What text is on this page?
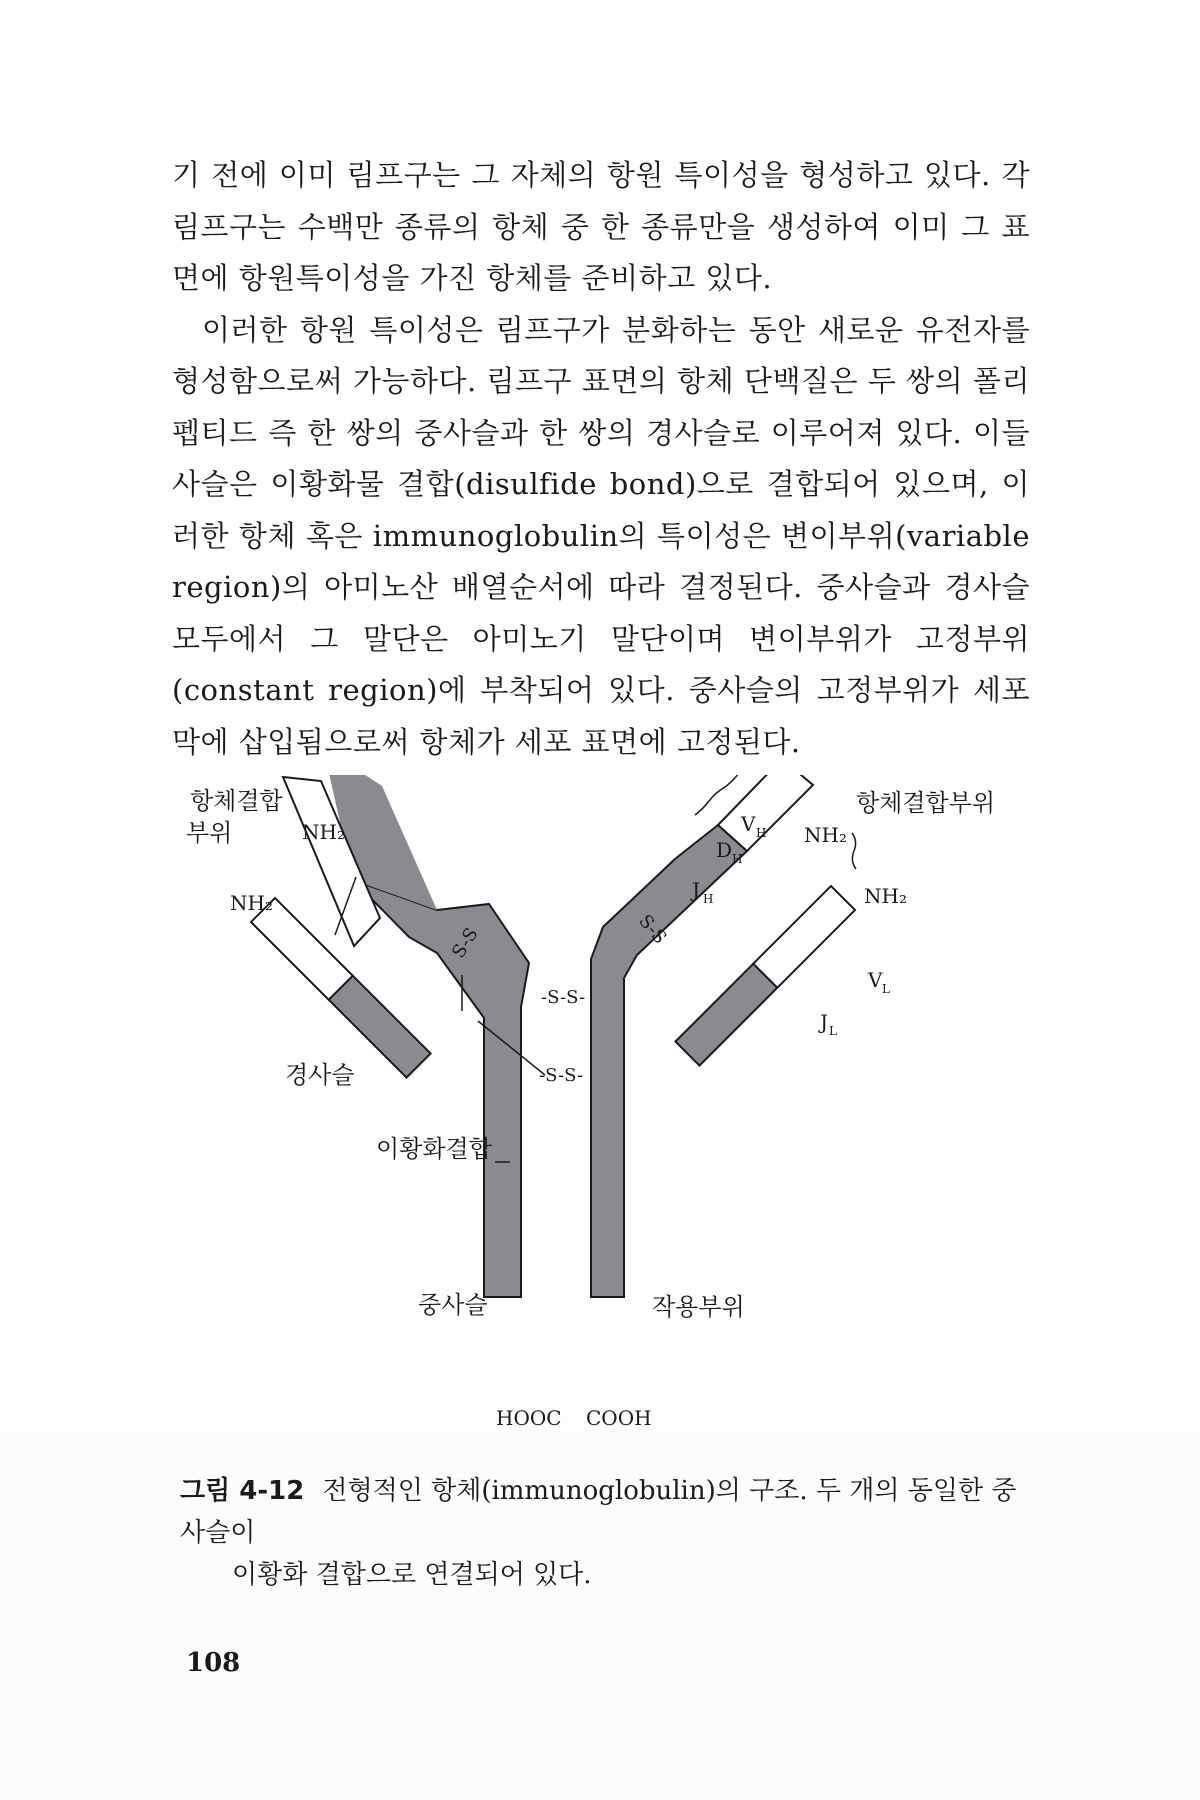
기 전에 이미 림프구는 그 자체의 항원 특이성을 형성하고 있다. 각 림프구는 수백만 종류의 항체 중 한 종류만을 생성하여 이미 그 표면에 항원특이성을 가진 항체를 준비하고 있다.

이러한 항원 특이성은 림프구가 분화하는 동안 새로운 유전자를 형성함으로써 가능하다. 림프구 표면의 항체 단백질은 두 쌍의 폴리펩티드 즉 한 쌍의 중사슬과 한 쌍의 경사슬로 이루어져 있다. 이들 사슬은 이황화물 결합(disulfide bond)으로 결합되어 있으며, 이러한 항체 혹은 immunoglobulin의 특이성은 변이부위(variable region)의 아미노산 배열순서에 따라 결정된다. 중사슬과 경사슬 모두에서 그 말단은 아미노기 말단이며 변이부위가 고정부위(constant region)에 부착되어 있다. 중사슬의 고정부위가 세포막에 삽입됨으로써 항체가 세포 표면에 고정된다.

S-S	S-S
-S-S-
-S-S-
항체결합
부위	NH₂
NH₂
항체결합부위
NH₂
NH₂
V H
D H
J H
V L
J L
경사슬
이황화결합
중사슬	작용부위
HOOC COOH
그림 4-12 전형적인 항체(immunoglobulin)의 구조. 두 개의 동일한 중사슬이
이황화 결합으로 연결되어 있다.
108
